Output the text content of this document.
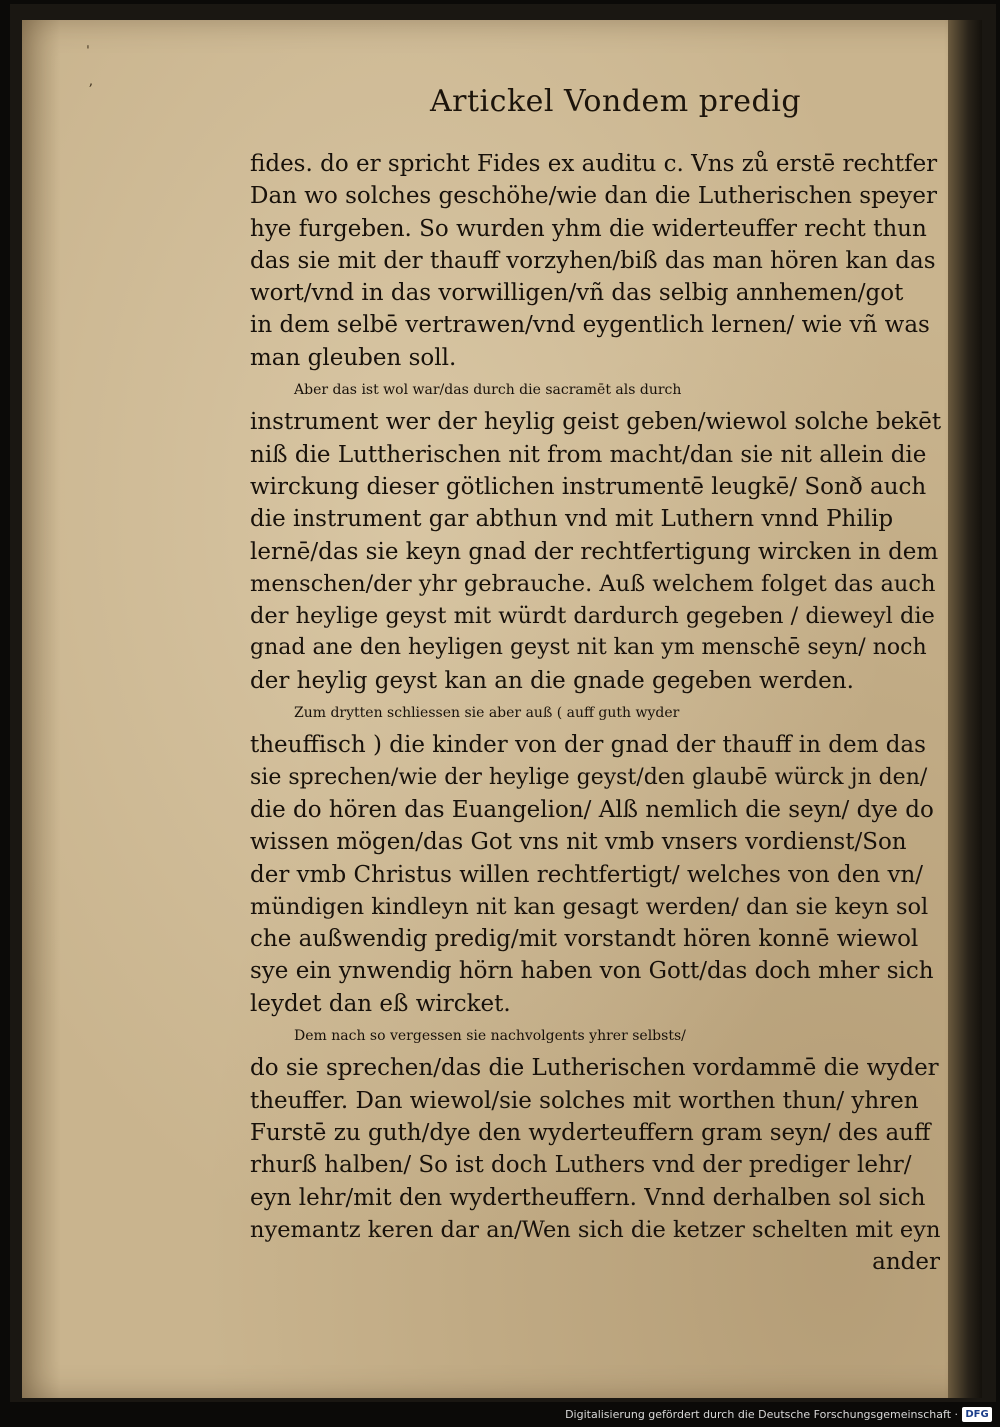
ˈ
ʼ	Artickel Vondem predig
fides. do er spricht Fides ex auditu c. Vns zů erstē rechtfer
Dan wo solches geschöhe/wie dan die Lutherischen speyer
hye furgeben. So wurden yhm die widerteuffer recht thun
das sie mit der thauff vorzyhen/biß das man hören kan das
wort/vnd in das vorwilligen/vñ das selbig annhemen/got
in dem selbē vertrawen/vnd eygentlich lernen/ wie vñ was
man gleuben soll.
Aber das ist wol war/das durch die sacramēt als durch
instrument wer der heylig geist geben/wiewol solche bekēt
niß die Luttherischen nit from macht/dan sie nit allein die
wirckung dieser götlichen instrumentē leugkē/ Sonð auch
die instrument gar abthun vnd mit Luthern vnnd Philip
lernē/das sie keyn gnad der rechtfertigung wircken in dem
menschen/der yhr gebrauche. Auß welchem folget das auch
der heylige geyst mit würdt dardurch gegeben / dieweyl die
gnad ane den heyligen geyst nit kan ym menschē seyn/ noch
der heylig geyst kan an die gnade gegeben werden.
Zum drytten schliessen sie aber auß ( auff guth wyder
theuffisch ) die kinder von der gnad der thauff in dem das
sie sprechen/wie der heylige geyst/den glaubē würck jn den/
die do hören das Euangelion/ Alß nemlich die seyn/ dye do
wissen mögen/das Got vns nit vmb vnsers vordienst/Son
der vmb Christus willen rechtfertigt/ welches von den vn/
mündigen kindleyn nit kan gesagt werden/ dan sie keyn sol
che außwendig predig/mit vorstandt hören konnē wiewol
sye ein ynwendig hörn haben von Gott/das doch mher sich
leydet dan eß wircket.
Dem nach so vergessen sie nachvolgents yhrer selbsts/
do sie sprechen/das die Lutherischen vordammē die wyder
theuffer. Dan wiewol/sie solches mit worthen thun/ yhren
Furstē zu guth/dye den wyderteuffern gram seyn/ des auff
rhurß halben/ So ist doch Luthers vnd der prediger lehr/
eyn lehr/mit den wydertheuffern. Vnnd derhalben sol sich
nyemantz keren dar an/Wen sich die ketzer schelten mit eyn
ander
Digitalisierung gefördert durch die Deutsche Forschungsgemeinschaft · DFG
